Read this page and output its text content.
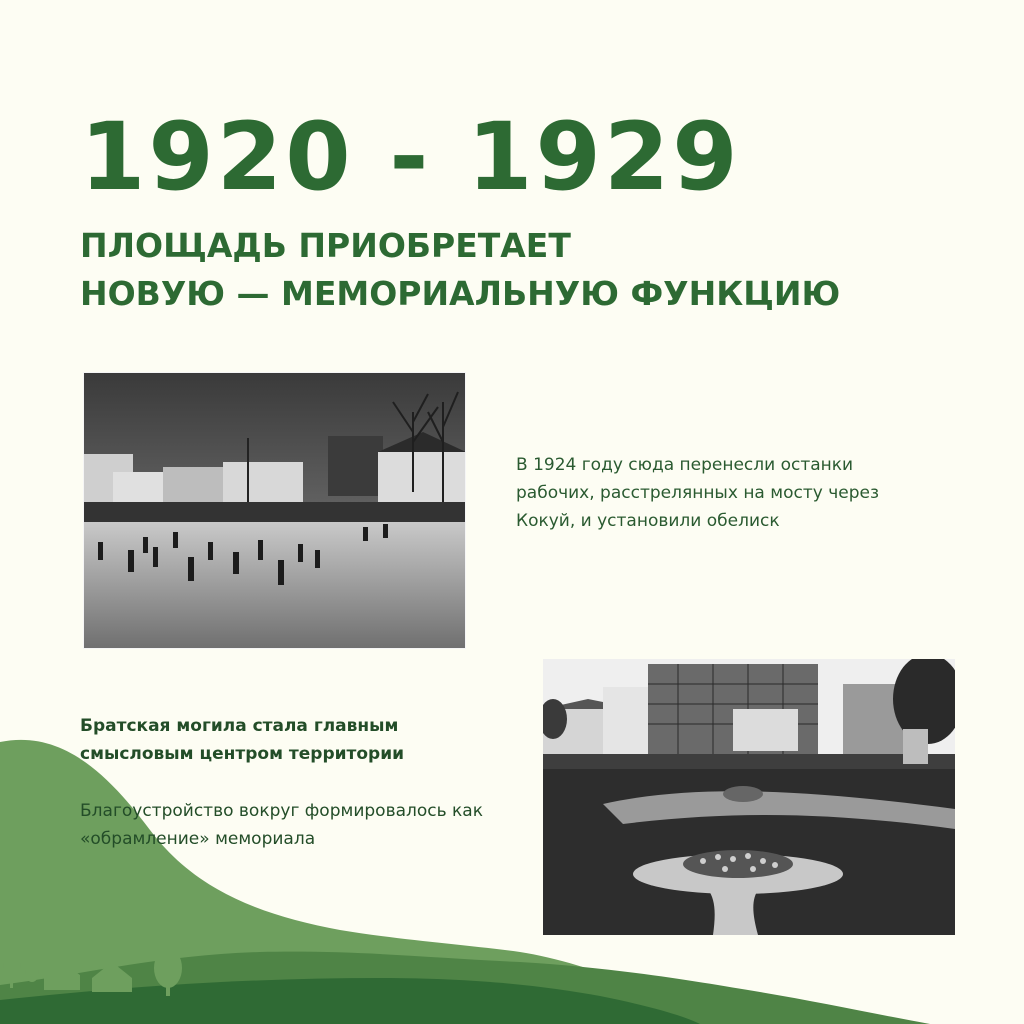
1920 - 1929
ПЛОЩАДЬ ПРИОБРЕТАЕТ
НОВУЮ — МЕМОРИАЛЬНУЮ ФУНКЦИЮ

В 1924 году сюда перенесли останки рабочих, расстрелянных на мосту через Кокуй, и установили обелиск

Братская могила стала главным смысловым центром территории

Благоустройство вокруг формировалось как «обрамление» мемориала
